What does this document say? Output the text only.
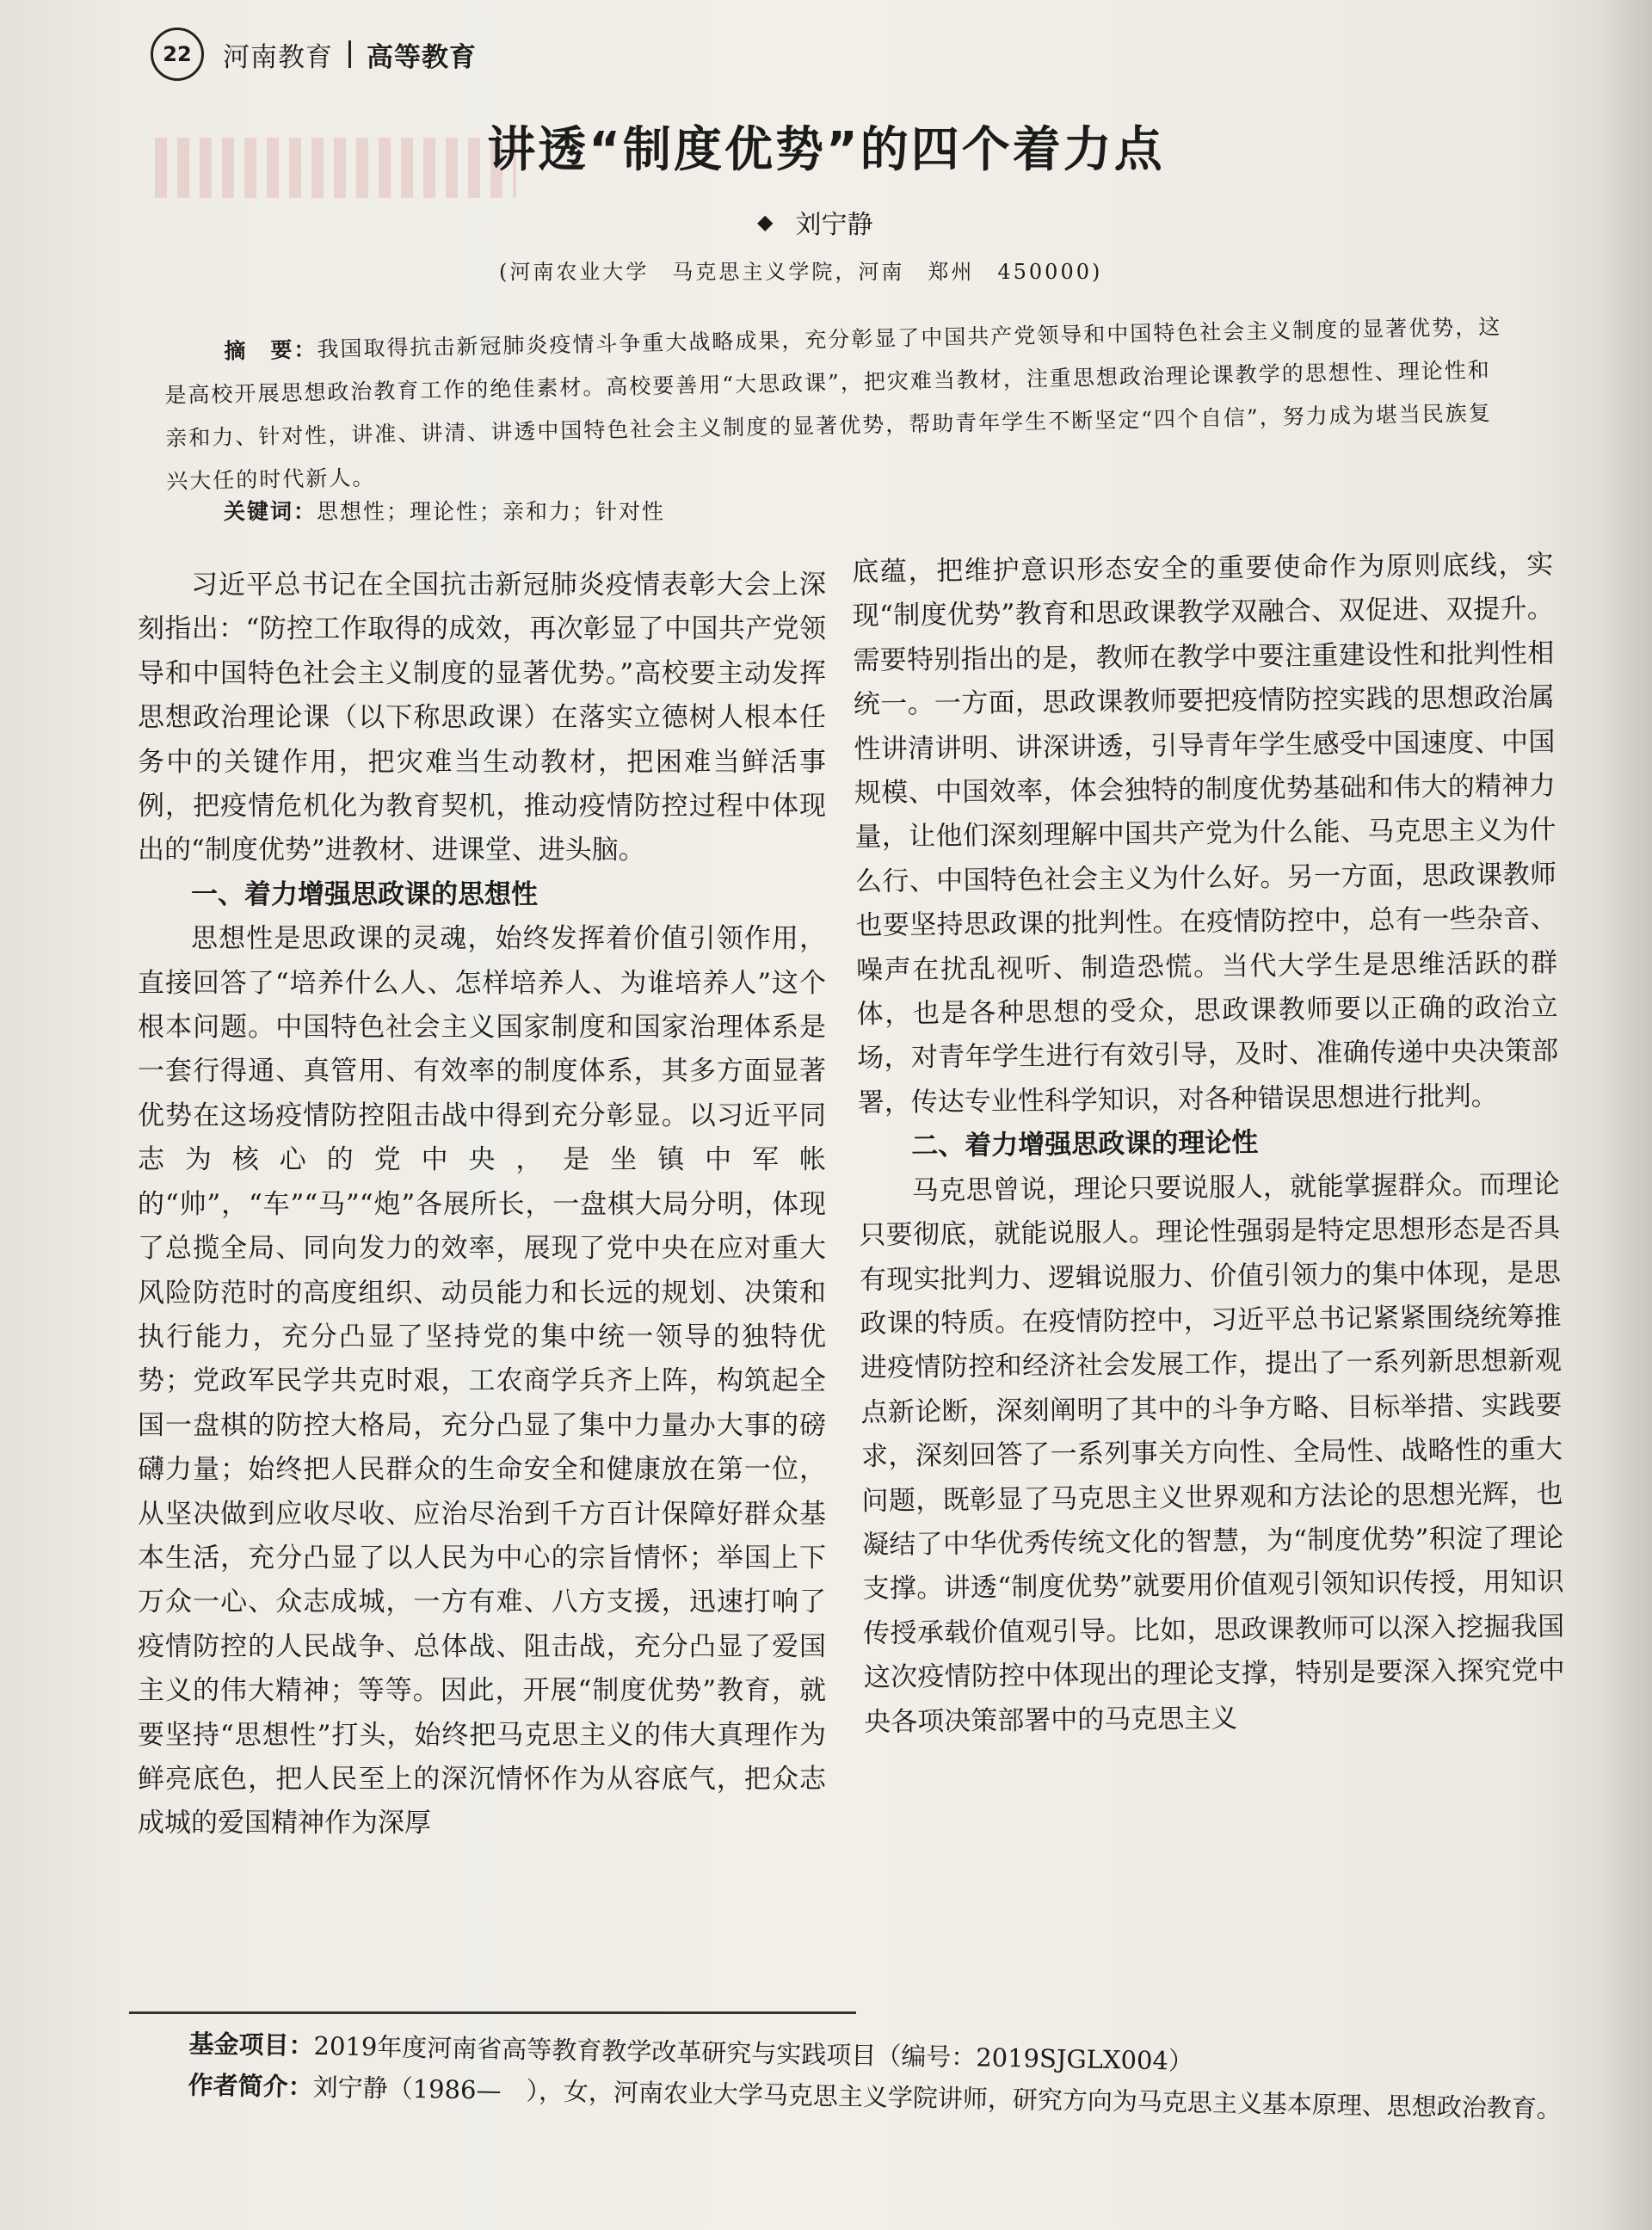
22 河南教育 高等教育
讲透“制度优势”的四个着力点
◆ 刘宁静
(河南农业大学　马克思主义学院，河南　郑州　450000)

摘　要：我国取得抗击新冠肺炎疫情斗争重大战略成果，充分彰显了中国共产党领导和中国特色社会主义制度的显著优势，这是高校开展思想政治教育工作的绝佳素材。高校要善用“大思政课”，把灾难当教材，注重思想政治理论课教学的思想性、理论性和亲和力、针对性，讲准、讲清、讲透中国特色社会主义制度的显著优势，帮助青年学生不断坚定“四个自信”，努力成为堪当民族复兴大任的时代新人。

关键词：思想性；理论性；亲和力；针对性

习近平总书记在全国抗击新冠肺炎疫情表彰大会上深刻指出：“防控工作取得的成效，再次彰显了中国共产党领导和中国特色社会主义制度的显著优势。”高校要主动发挥思想政治理论课（以下称思政课）在落实立德树人根本任务中的关键作用，把灾难当生动教材，把困难当鲜活事例，把疫情危机化为教育契机，推动疫情防控过程中体现出的“制度优势”进教材、进课堂、进头脑。

一、着力增强思政课的思想性

思想性是思政课的灵魂，始终发挥着价值引领作用，直接回答了“培养什么人、怎样培养人、为谁培养人”这个根本问题。中国特色社会主义国家制度和国家治理体系是一套行得通、真管用、有效率的制度体系，其多方面显著优势在这场疫情防控阻击战中得到充分彰显。以习近平同志为核心的党中央，是坐镇中军帐的“帅”，“车”“马”“炮”各展所长，一盘棋大局分明，体现了总揽全局、同向发力的效率，展现了党中央在应对重大风险防范时的高度组织、动员能力和长远的规划、决策和执行能力，充分凸显了坚持党的集中统一领导的独特优势；党政军民学共克时艰，工农商学兵齐上阵，构筑起全国一盘棋的防控大格局，充分凸显了集中力量办大事的磅礴力量；始终把人民群众的生命安全和健康放在第一位，从坚决做到应收尽收、应治尽治到千方百计保障好群众基本生活，充分凸显了以人民为中心的宗旨情怀；举国上下万众一心、众志成城，一方有难、八方支援，迅速打响了疫情防控的人民战争、总体战、阻击战，充分凸显了爱国主义的伟大精神；等等。因此，开展“制度优势”教育，就要坚持“思想性”打头，始终把马克思主义的伟大真理作为鲜亮底色，把人民至上的深沉情怀作为从容底气，把众志成城的爱国精神作为深厚

底蕴，把维护意识形态安全的重要使命作为原则底线，实现“制度优势”教育和思政课教学双融合、双促进、双提升。需要特别指出的是，教师在教学中要注重建设性和批判性相统一。一方面，思政课教师要把疫情防控实践的思想政治属性讲清讲明、讲深讲透，引导青年学生感受中国速度、中国规模、中国效率，体会独特的制度优势基础和伟大的精神力量，让他们深刻理解中国共产党为什么能、马克思主义为什么行、中国特色社会主义为什么好。另一方面，思政课教师也要坚持思政课的批判性。在疫情防控中，总有一些杂音、噪声在扰乱视听、制造恐慌。当代大学生是思维活跃的群体，也是各种思想的受众，思政课教师要以正确的政治立场，对青年学生进行有效引导，及时、准确传递中央决策部署，传达专业性科学知识，对各种错误思想进行批判。

二、着力增强思政课的理论性

马克思曾说，理论只要说服人，就能掌握群众。而理论只要彻底，就能说服人。理论性强弱是特定思想形态是否具有现实批判力、逻辑说服力、价值引领力的集中体现，是思政课的特质。在疫情防控中，习近平总书记紧紧围绕统筹推进疫情防控和经济社会发展工作，提出了一系列新思想新观点新论断，深刻阐明了其中的斗争方略、目标举措、实践要求，深刻回答了一系列事关方向性、全局性、战略性的重大问题，既彰显了马克思主义世界观和方法论的思想光辉，也凝结了中华优秀传统文化的智慧，为“制度优势”积淀了理论支撑。讲透“制度优势”就要用价值观引领知识传授，用知识传授承载价值观引导。比如，思政课教师可以深入挖掘我国这次疫情防控中体现出的理论支撑，特别是要深入探究党中央各项决策部署中的马克思主义

基金项目：2019年度河南省高等教育教学改革研究与实践项目（编号：2019SJGLX004）
作者简介：刘宁静（1986—　），女，河南农业大学马克思主义学院讲师，研究方向为马克思主义基本原理、思想政治教育。
